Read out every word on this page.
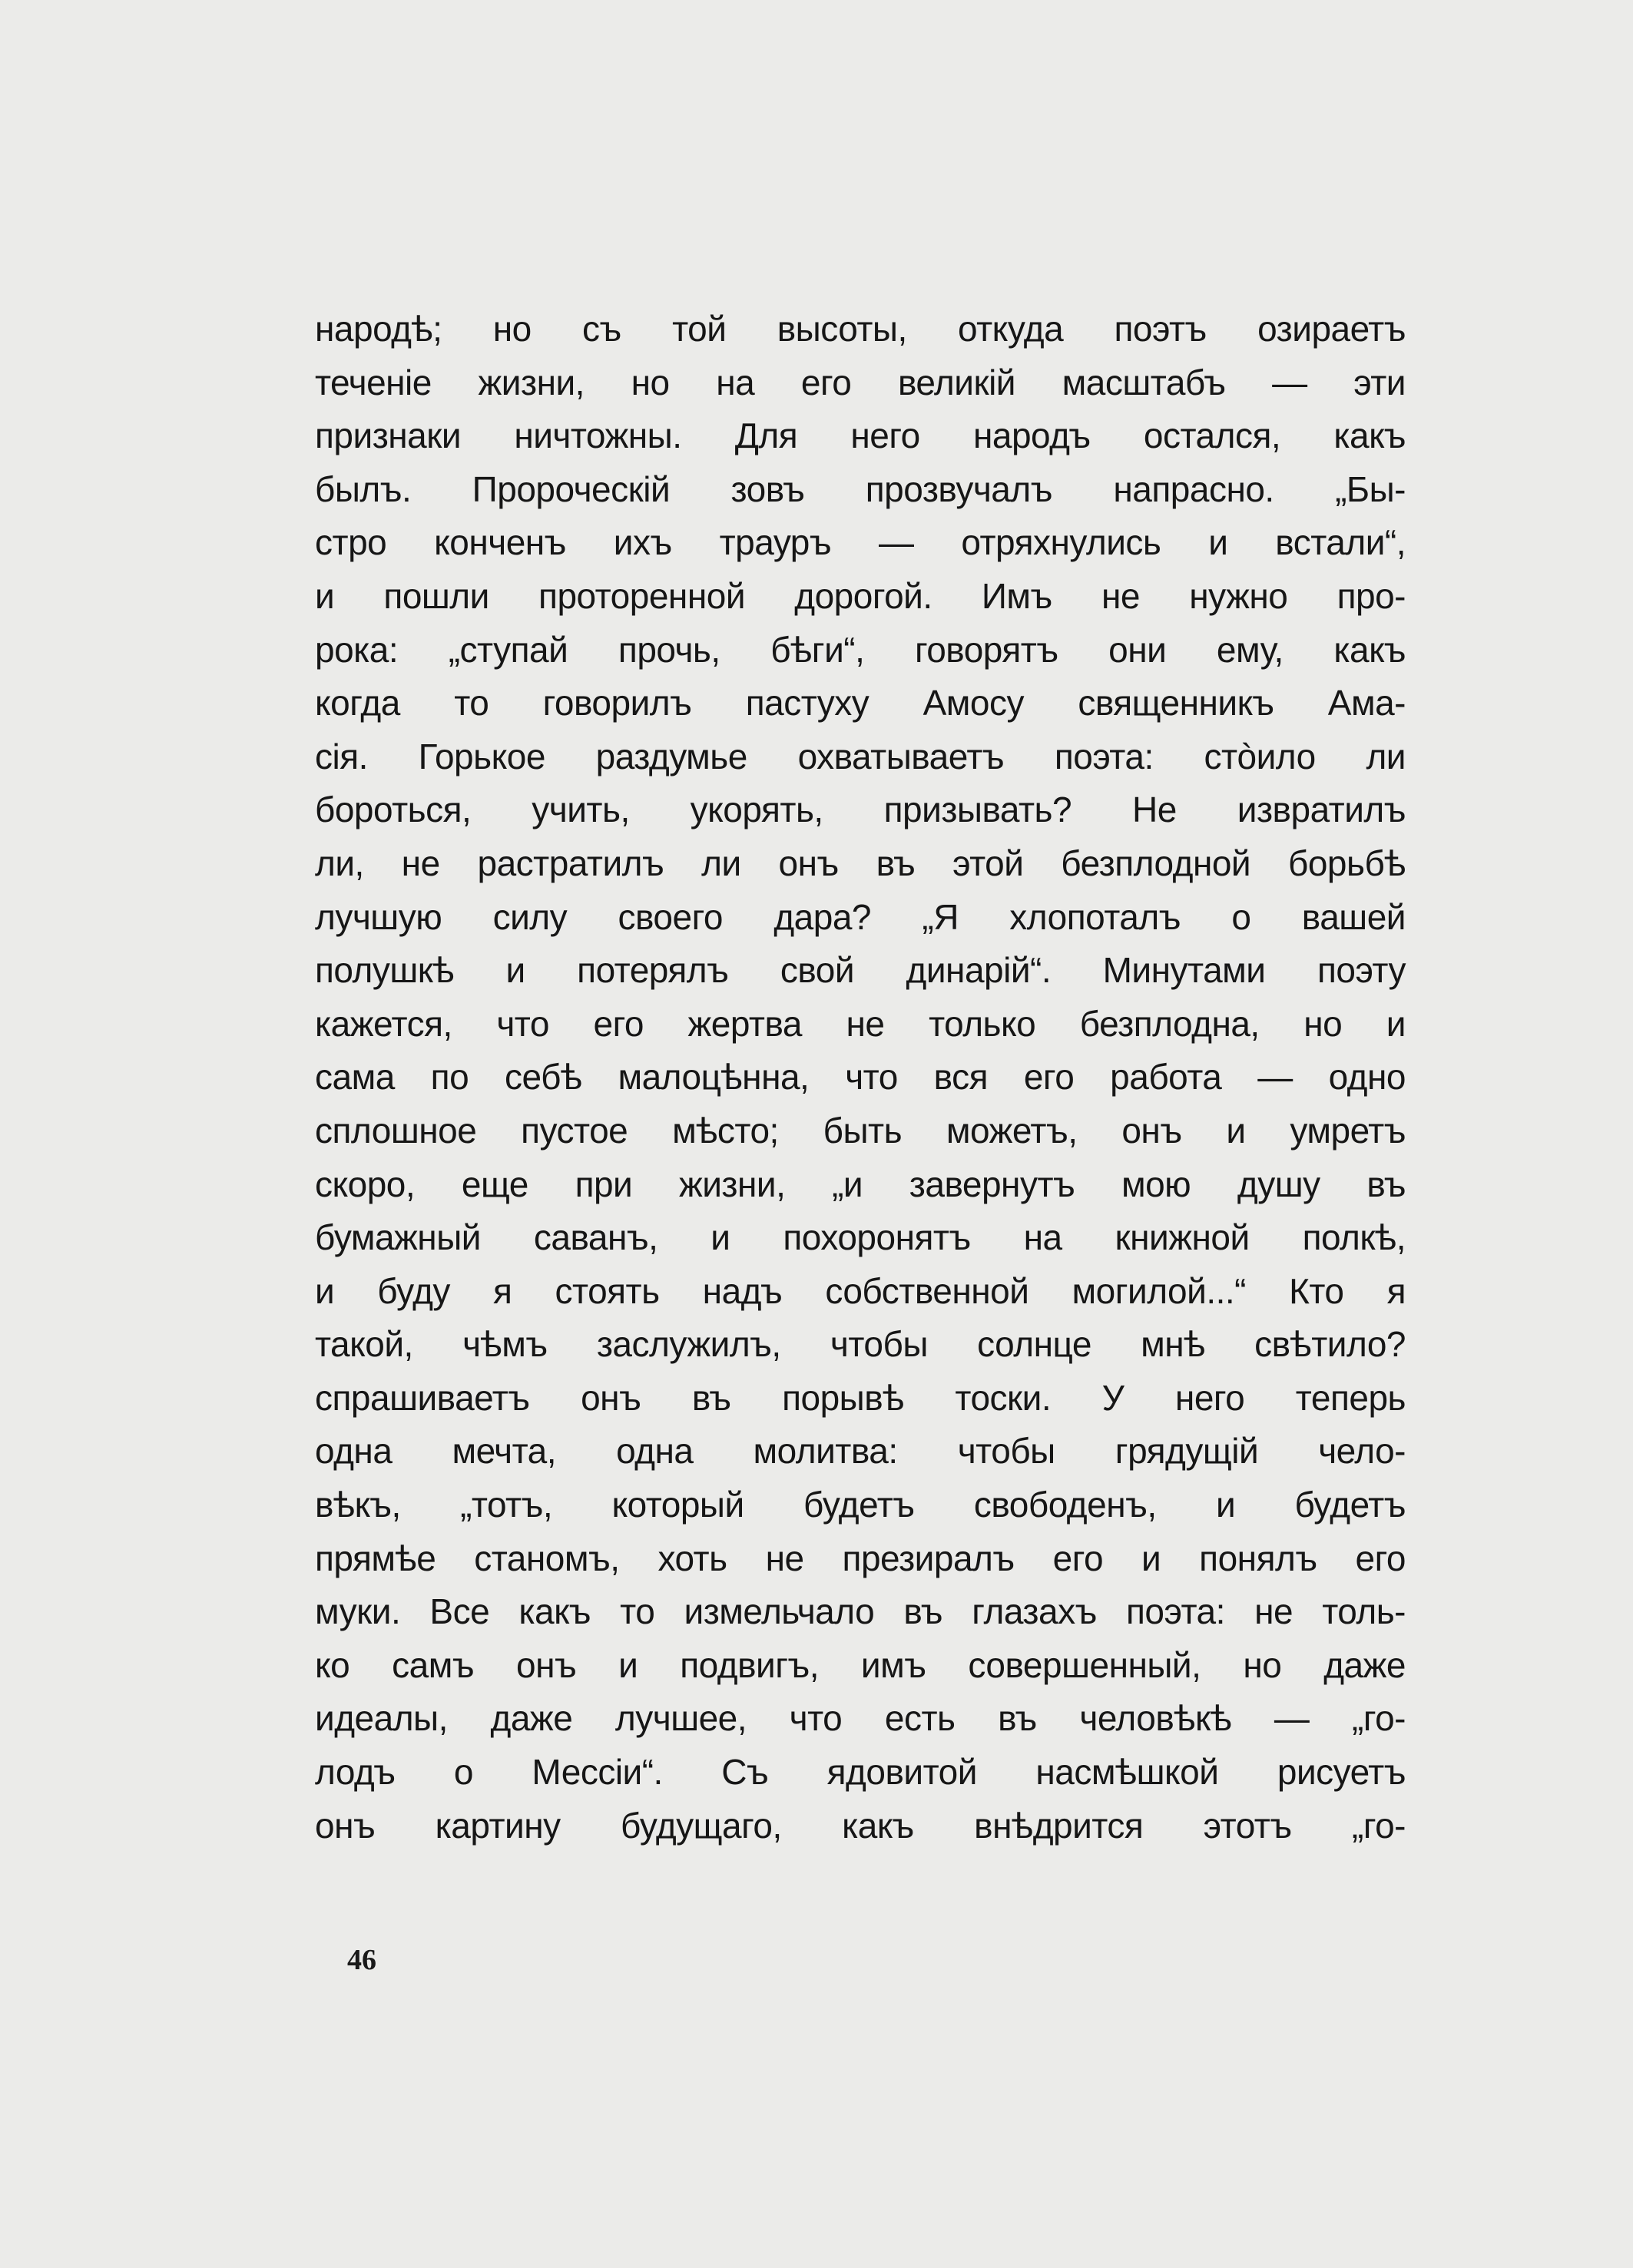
народѣ; но съ той высоты, откуда поэтъ озираетъ
теченіе жизни, но на его великій масштабъ — эти
признаки ничтожны. Для него народъ остался, какъ
былъ. Пророческій зовъ прозвучалъ напрасно. „Бы-
стро конченъ ихъ трауръ — отряхнулись и встали“,
и пошли проторенной дорогой. Имъ не нужно про-
рока: „ступай прочь, бѣги“, говорятъ они ему, какъ
когда то говорилъ пастуху Амосу священникъ Ама-
сія. Горькое раздумье охватываетъ поэта: стòило ли
бороться, учить, укорять, призывать? Не извратилъ
ли, не растратилъ ли онъ въ этой безплодной борьбѣ
лучшую силу своего дара? „Я хлопоталъ о вашей
полушкѣ и потерялъ свой динарій“. Минутами поэту
кажется, что его жертва не только безплодна, но и
сама по себѣ малоцѣнна, что вся его работа — одно
сплошное пустое мѣсто; быть можетъ, онъ и умретъ
скоро, еще при жизни, „и завернутъ мою душу въ
бумажный саванъ, и похоронятъ на книжной полкѣ,
и буду я стоять надъ собственной могилой...“ Кто я
такой, чѣмъ заслужилъ, чтобы солнце мнѣ свѣтило?
спрашиваетъ онъ въ порывѣ тоски. У него теперь
одна мечта, одна молитва: чтобы грядущій чело-
вѣкъ, „тотъ, который будетъ свободенъ, и будетъ
прямѣе станомъ, хоть не презиралъ его и понялъ его
муки. Все какъ то измельчало въ глазахъ поэта: не толь-
ко самъ онъ и подвигъ, имъ совершенный, но даже
идеалы, даже лучшее, что есть въ человѣкѣ — „го-
лодъ о Мессіи“. Съ ядовитой насмѣшкой рисуетъ
онъ картину будущаго, какъ внѣдрится этотъ „го-
46
